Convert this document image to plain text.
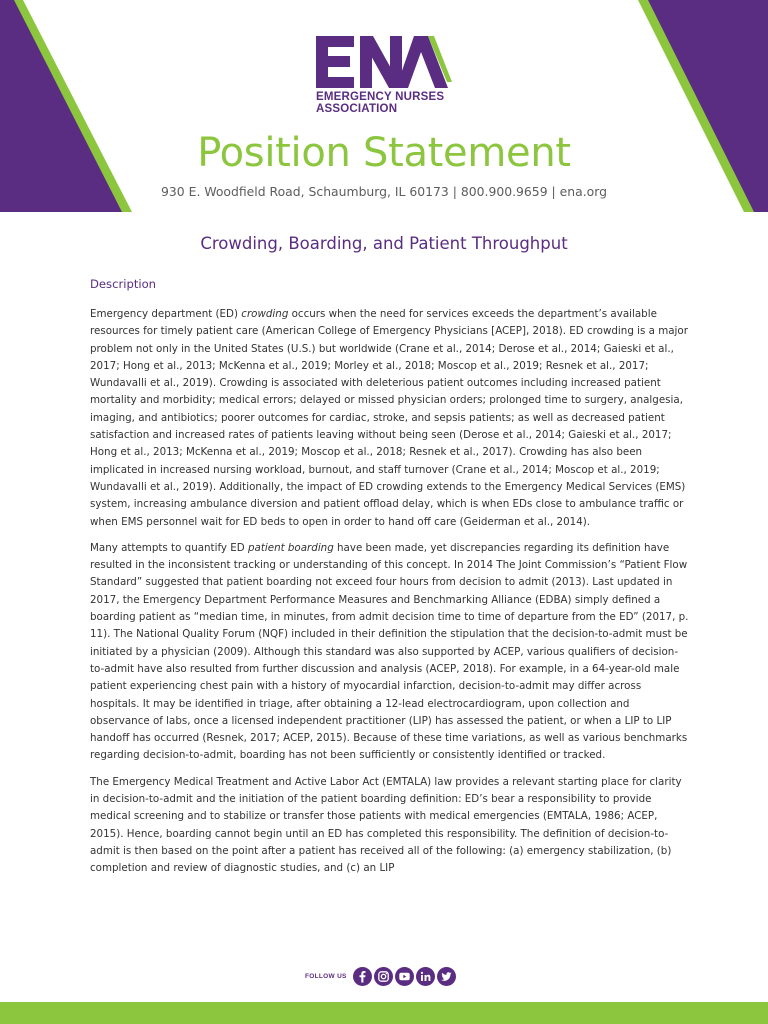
EMERGENCY NURSES
ASSOCIATION
Position Statement
930 E. Woodfield Road, Schaumburg, IL 60173 | 800.900.9659 | ena.org
Crowding, Boarding, and Patient Throughput
Description

Emergency department (ED) crowding occurs when the need for services exceeds the department’s available resources for timely patient care (American College of Emergency Physicians [ACEP], 2018). ED crowding is a major problem not only in the United States (U.S.) but worldwide (Crane et al., 2014; Derose et al., 2014; Gaieski et al., 2017; Hong et al., 2013; McKenna et al., 2019; Morley et al., 2018; Moscop et al., 2019; Resnek et al., 2017; Wundavalli et al., 2019). Crowding is associated with deleterious patient outcomes including increased patient mortality and morbidity; medical errors; delayed or missed physician orders; prolonged time to surgery, analgesia, imaging, and antibiotics; poorer outcomes for cardiac, stroke, and sepsis patients; as well as decreased patient satisfaction and increased rates of patients leaving without being seen (Derose et al., 2014; Gaieski et al., 2017; Hong et al., 2013; McKenna et al., 2019; Moscop et al., 2018; Resnek et al., 2017). Crowding has also been implicated in increased nursing workload, burnout, and staff turnover (Crane et al., 2014; Moscop et al., 2019; Wundavalli et al., 2019). Additionally, the impact of ED crowding extends to the Emergency Medical Services (EMS) system, increasing ambulance diversion and patient offload delay, which is when EDs close to ambulance traffic or when EMS personnel wait for ED beds to open in order to hand off care (Geiderman et al., 2014).

Many attempts to quantify ED patient boarding have been made, yet discrepancies regarding its definition have resulted in the inconsistent tracking or understanding of this concept. In 2014 The Joint Commission’s “Patient Flow Standard” suggested that patient boarding not exceed four hours from decision to admit (2013). Last updated in 2017, the Emergency Department Performance Measures and Benchmarking Alliance (EDBA) simply defined a boarding patient as “median time, in minutes, from admit decision time to time of departure from the ED” (2017, p. 11). The National Quality Forum (NQF) included in their definition the stipulation that the decision-to-admit must be initiated by a physician (2009). Although this standard was also supported by ACEP, various qualifiers of decision-to-admit have also resulted from further discussion and analysis (ACEP, 2018). For example, in a 64-year-old male patient experiencing chest pain with a history of myocardial infarction, decision-to-admit may differ across hospitals. It may be identified in triage, after obtaining a 12-lead electrocardiogram, upon collection and observance of labs, once a licensed independent practitioner (LIP) has assessed the patient, or when a LIP to LIP handoff has occurred (Resnek, 2017; ACEP, 2015). Because of these time variations, as well as various benchmarks regarding decision-to-admit, boarding has not been sufficiently or consistently identified or tracked.

The Emergency Medical Treatment and Active Labor Act (EMTALA) law provides a relevant starting place for clarity in decision-to-admit and the initiation of the patient boarding definition: ED’s bear a responsibility to provide medical screening and to stabilize or transfer those patients with medical emergencies (EMTALA, 1986; ACEP, 2015). Hence, boarding cannot begin until an ED has completed this responsibility. The definition of decision-to-admit is then based on the point after a patient has received all of the following: (a) emergency stabilization, (b) completion and review of diagnostic studies, and (c) an LIP

FOLLOW US
